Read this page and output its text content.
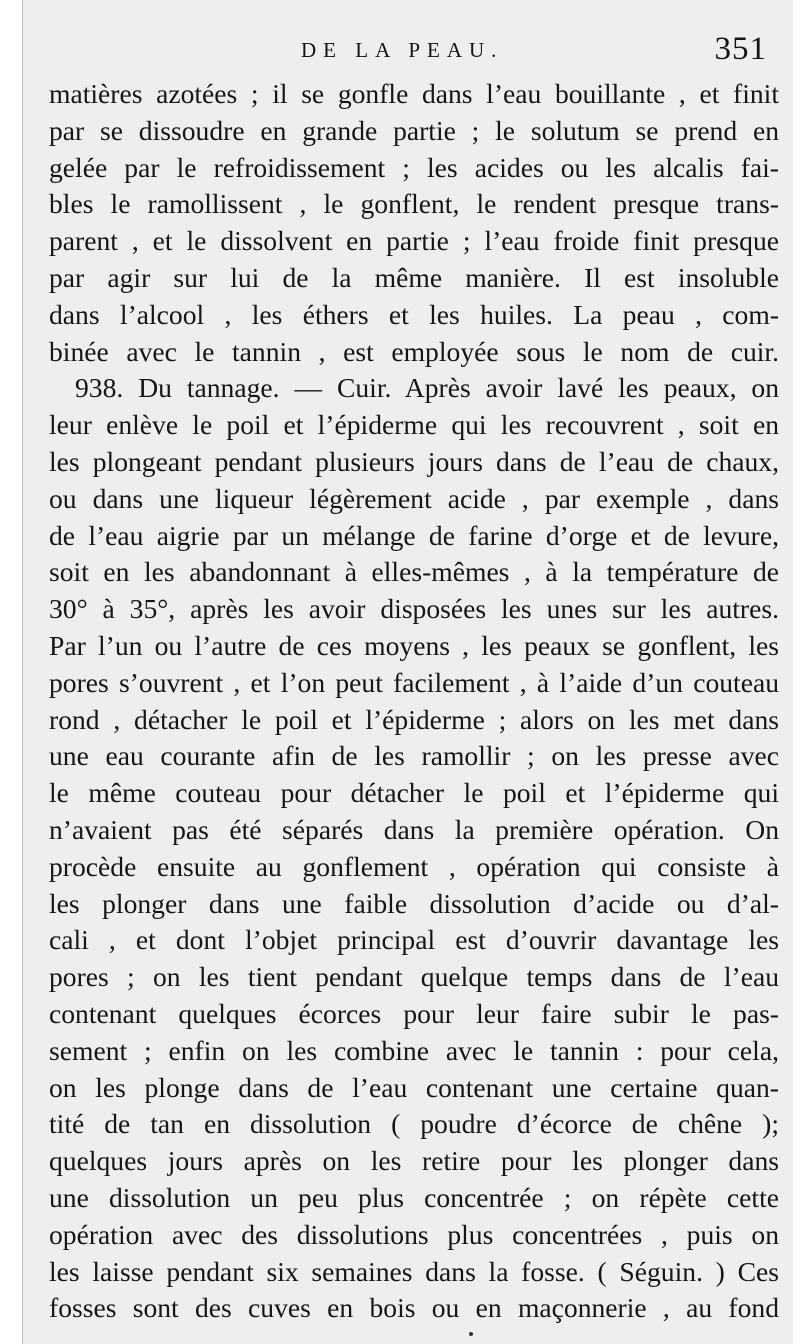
DE LA PEAU.	351
matières azotées ; il se gonfle dans l’eau bouillante , et finit
par se dissoudre en grande partie ; le solutum se prend en
gelée par le refroidissement ; les acides ou les alcalis fai-
bles le ramollissent , le gonflent, le rendent presque trans-
parent , et le dissolvent en partie ; l’eau froide finit presque
par agir sur lui de la même manière. Il est insoluble
dans l’alcool , les éthers et les huiles. La peau , com-
binée avec le tannin , est employée sous le nom de cuir.
938. Du tannage. — Cuir. Après avoir lavé les peaux, on
leur enlève le poil et l’épiderme qui les recouvrent , soit en
les plongeant pendant plusieurs jours dans de l’eau de chaux,
ou dans une liqueur légèrement acide , par exemple , dans
de l’eau aigrie par un mélange de farine d’orge et de levure,
soit en les abandonnant à elles-mêmes , à la température de
30° à 35°, après les avoir disposées les unes sur les autres.
Par l’un ou l’autre de ces moyens , les peaux se gonflent, les
pores s’ouvrent , et l’on peut facilement , à l’aide d’un couteau
rond , détacher le poil et l’épiderme ; alors on les met dans
une eau courante afin de les ramollir ; on les presse avec
le même couteau pour détacher le poil et l’épiderme qui
n’avaient pas été séparés dans la première opération. On
procède ensuite au gonflement , opération qui consiste à
les plonger dans une faible dissolution d’acide ou d’al-
cali , et dont l’objet principal est d’ouvrir davantage les
pores ; on les tient pendant quelque temps dans de l’eau
contenant quelques écorces pour leur faire subir le pas-
sement ; enfin on les combine avec le tannin : pour cela,
on les plonge dans de l’eau contenant une certaine quan-
tité de tan en dissolution ( poudre d’écorce de chêne );
quelques jours après on les retire pour les plonger dans
une dissolution un peu plus concentrée ; on répète cette
opération avec des dissolutions plus concentrées , puis on
les laisse pendant six semaines dans la fosse. ( Séguin. ) Ces
fosses sont des cuves en bois ou en maçonnerie , au fond
